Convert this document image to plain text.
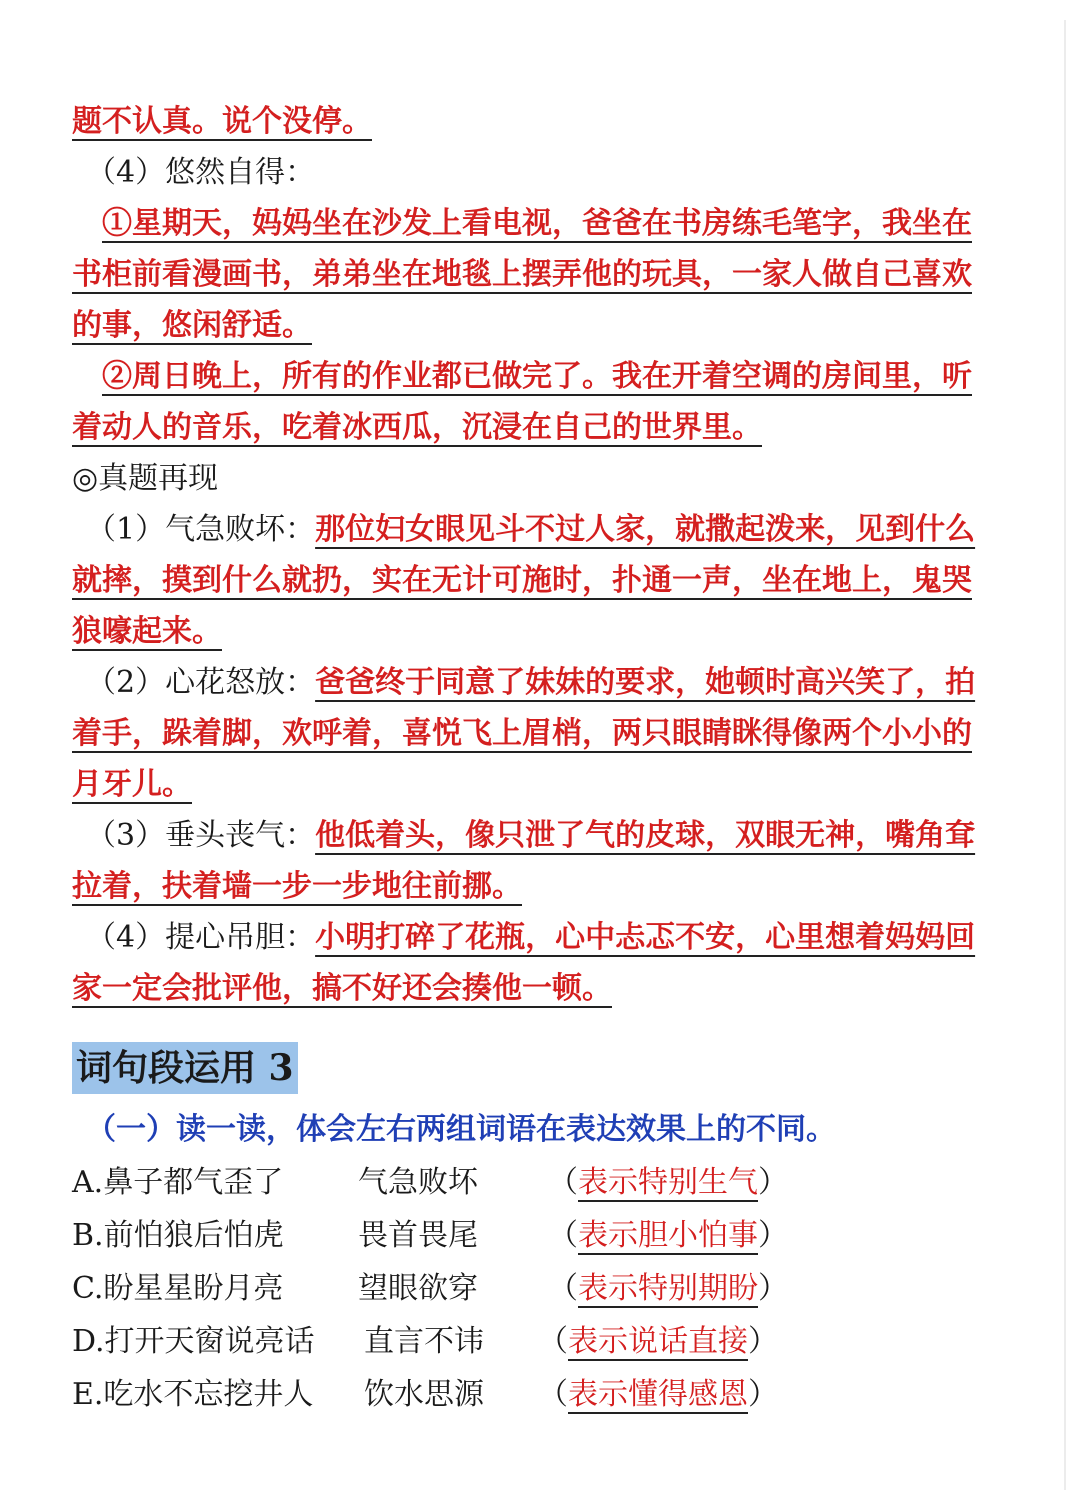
题不认真。说个没停。
（4）悠然自得：
①星期天，妈妈坐在沙发上看电视，爸爸在书房练毛笔字，我坐在
书柜前看漫画书，弟弟坐在地毯上摆弄他的玩具，一家人做自己喜欢
的事，悠闲舒适。
②周日晚上，所有的作业都已做完了。我在开着空调的房间里，听
着动人的音乐，吃着冰西瓜，沉浸在自己的世界里。
◎真题再现
（1）气急败坏：那位妇女眼见斗不过人家，就撒起泼来，见到什么
就摔，摸到什么就扔，实在无计可施时，扑通一声，坐在地上，鬼哭
狼嚎起来。
（2）心花怒放：爸爸终于同意了妹妹的要求，她顿时高兴笑了，拍
着手，跺着脚，欢呼着，喜悦飞上眉梢，两只眼睛眯得像两个小小的
月牙儿。
（3）垂头丧气：他低着头，像只泄了气的皮球，双眼无神，嘴角耷
拉着，扶着墙一步一步地往前挪。
（4）提心吊胆：小明打碎了花瓶，心中忐忑不安，心里想着妈妈回
家一定会批评他，搞不好还会揍他一顿。
词句段运用 3
（一）读一读，体会左右两组词语在表达效果上的不同。
A.鼻子都气歪了 气急败坏 （表示特别生气）
B.前怕狼后怕虎 畏首畏尾 （表示胆小怕事）
C.盼星星盼月亮 望眼欲穿 （表示特别期盼）
D.打开天窗说亮话 直言不讳 （表示说话直接）
E.吃水不忘挖井人 饮水思源 （表示懂得感恩）
